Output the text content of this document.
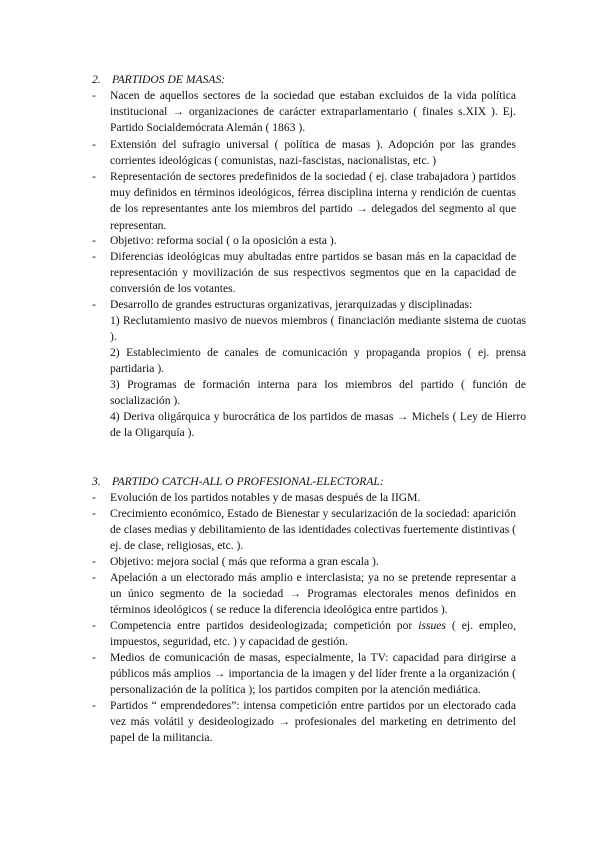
2. PARTIDOS DE MASAS:
-	Nacen de aquellos sectores de la sociedad que estaban excluidos de la vida política institucional → organizaciones de carácter extraparlamentario ( finales s.XIX ). Ej. Partido Socialdemócrata Alemán ( 1863 ).
-	Extensión del sufragio universal ( política de masas ). Adopción por las grandes corrientes ideológicas ( comunistas, nazi-fascistas, nacionalistas, etc. )
-	Representación de sectores predefinidos de la sociedad ( ej. clase trabajadora ) partidos muy definidos en términos ideológicos, férrea disciplina interna y rendición de cuentas de los representantes ante los miembros del partido → delegados del segmento al que representan.
-	Objetivo: reforma social ( o la oposición a esta ).
-	Diferencias ideológicas muy abultadas entre partidos se basan más en la capacidad de representación y movilización de sus respectivos segmentos que en la capacidad de conversión de los votantes.
-	Desarrollo de grandes estructuras organizativas, jerarquizadas y disciplinadas:
1) Reclutamiento masivo de nuevos miembros ( financiación mediante sistema de cuotas ).
2) Establecimiento de canales de comunicación y propaganda propios ( ej. prensa partidaria ).
3) Programas de formación interna para los miembros del partido ( función de socialización ).
4) Deriva oligárquica y burocrática de los partidos de masas → Michels ( Ley de Hierro de la Oligarquía ).
3. PARTIDO CATCH-ALL O PROFESIONAL-ELECTORAL:
-	Evolución de los partidos notables y de masas después de la IIGM.
-	Crecimiento económico, Estado de Bienestar y secularización de la sociedad: aparición de clases medias y debilitamiento de las identidades colectivas fuertemente distintivas ( ej. de clase, religiosas, etc. ).
-	Objetivo: mejora social ( más que reforma a gran escala ).
-	Apelación a un electorado más amplio e interclasista; ya no se pretende representar a un único segmento de la sociedad → Programas electorales menos definidos en términos ideológicos ( se reduce la diferencia ideológica entre partidos ).
-	Competencia entre partidos desideologizada; competición por issues ( ej. empleo, impuestos, seguridad, etc. ) y capacidad de gestión.
-	Medios de comunicación de masas, especialmente, la TV: capacidad para dirigirse a públicos más amplios → importancia de la imagen y del líder frente a la organización ( personalización de la política ); los partidos compiten por la atención mediática.
-	Partidos “ emprendedores”: intensa competición entre partidos por un electorado cada vez más volátil y desideologizado → profesionales del marketing en detrimento del papel de la militancia.
